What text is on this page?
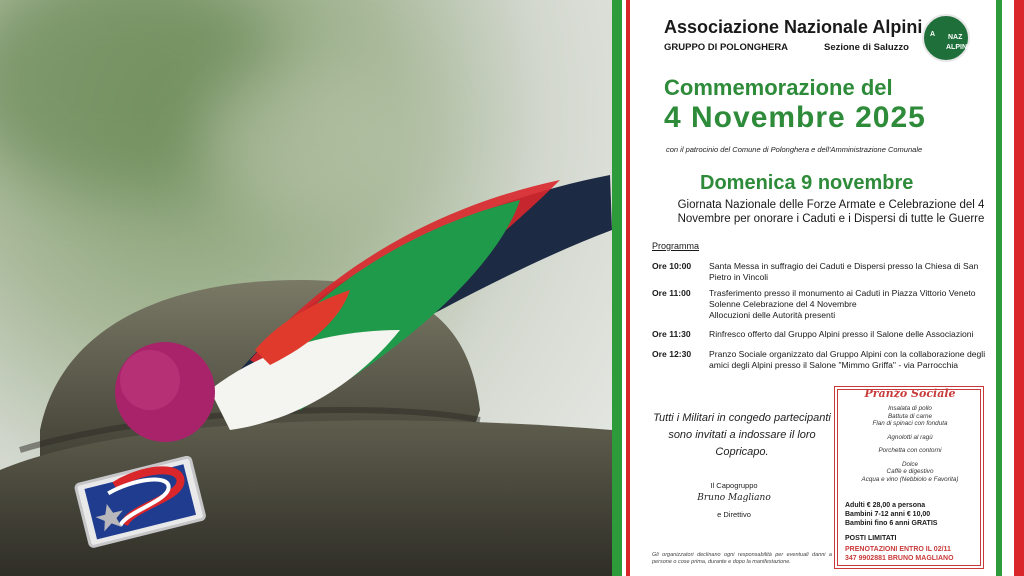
Associazione Nazionale Alpini
GRUPPO DI POLONGHERA	Sezione di Saluzzo
A NAZ
ALPINI
Commemorazione del
4 Novembre 2025
con il patrocinio del Comune di Polonghera e dell'Amministrazione Comunale
Domenica 9 novembre
Giornata Nazionale delle Forze Armate e Celebrazione del 4 Novembre per onorare i Caduti e i Dispersi di tutte le Guerre
Programma
Ore 10:00 Santa Messa in suffragio dei Caduti e Dispersi presso la Chiesa di San Pietro in Vincoli
Ore 11:00 Trasferimento presso il monumento ai Caduti in Piazza Vittorio Veneto
Solenne Celebrazione del 4 Novembre
Allocuzioni delle Autorità presenti
Ore 11:30 Rinfresco offerto dal Gruppo Alpini presso il Salone delle Associazioni
Ore 12:30 Pranzo Sociale organizzato dal Gruppo Alpini con la collaborazione degli amici degli Alpini presso il Salone "Mimmo Griffa" - via Parrocchia
Tutti i Militari in congedo partecipanti sono invitati a indossare il loro Copricapo.
Il Capogruppo
Bruno Magliano
e Direttivo
Gli organizzatori declinano ogni responsabilità per eventuali danni a persone o cose prima, durante e dopo la manifestazione.
Pranzo Sociale
Insalata di pollo
Battuta di carne
Flan di spinaci con fonduta
Agnolotti al ragù
Porchetta con contorni
Dolce
Caffè e digestivo
Acqua e vino (Nebbiolo e Favorita)
Adulti € 28,00 a persona
Bambini 7-12 anni € 10,00
Bambini fino 6 anni GRATIS
POSTI LIMITATI
PRENOTAZIONI ENTRO IL 02/11
347 9902881 BRUNO MAGLIANO
